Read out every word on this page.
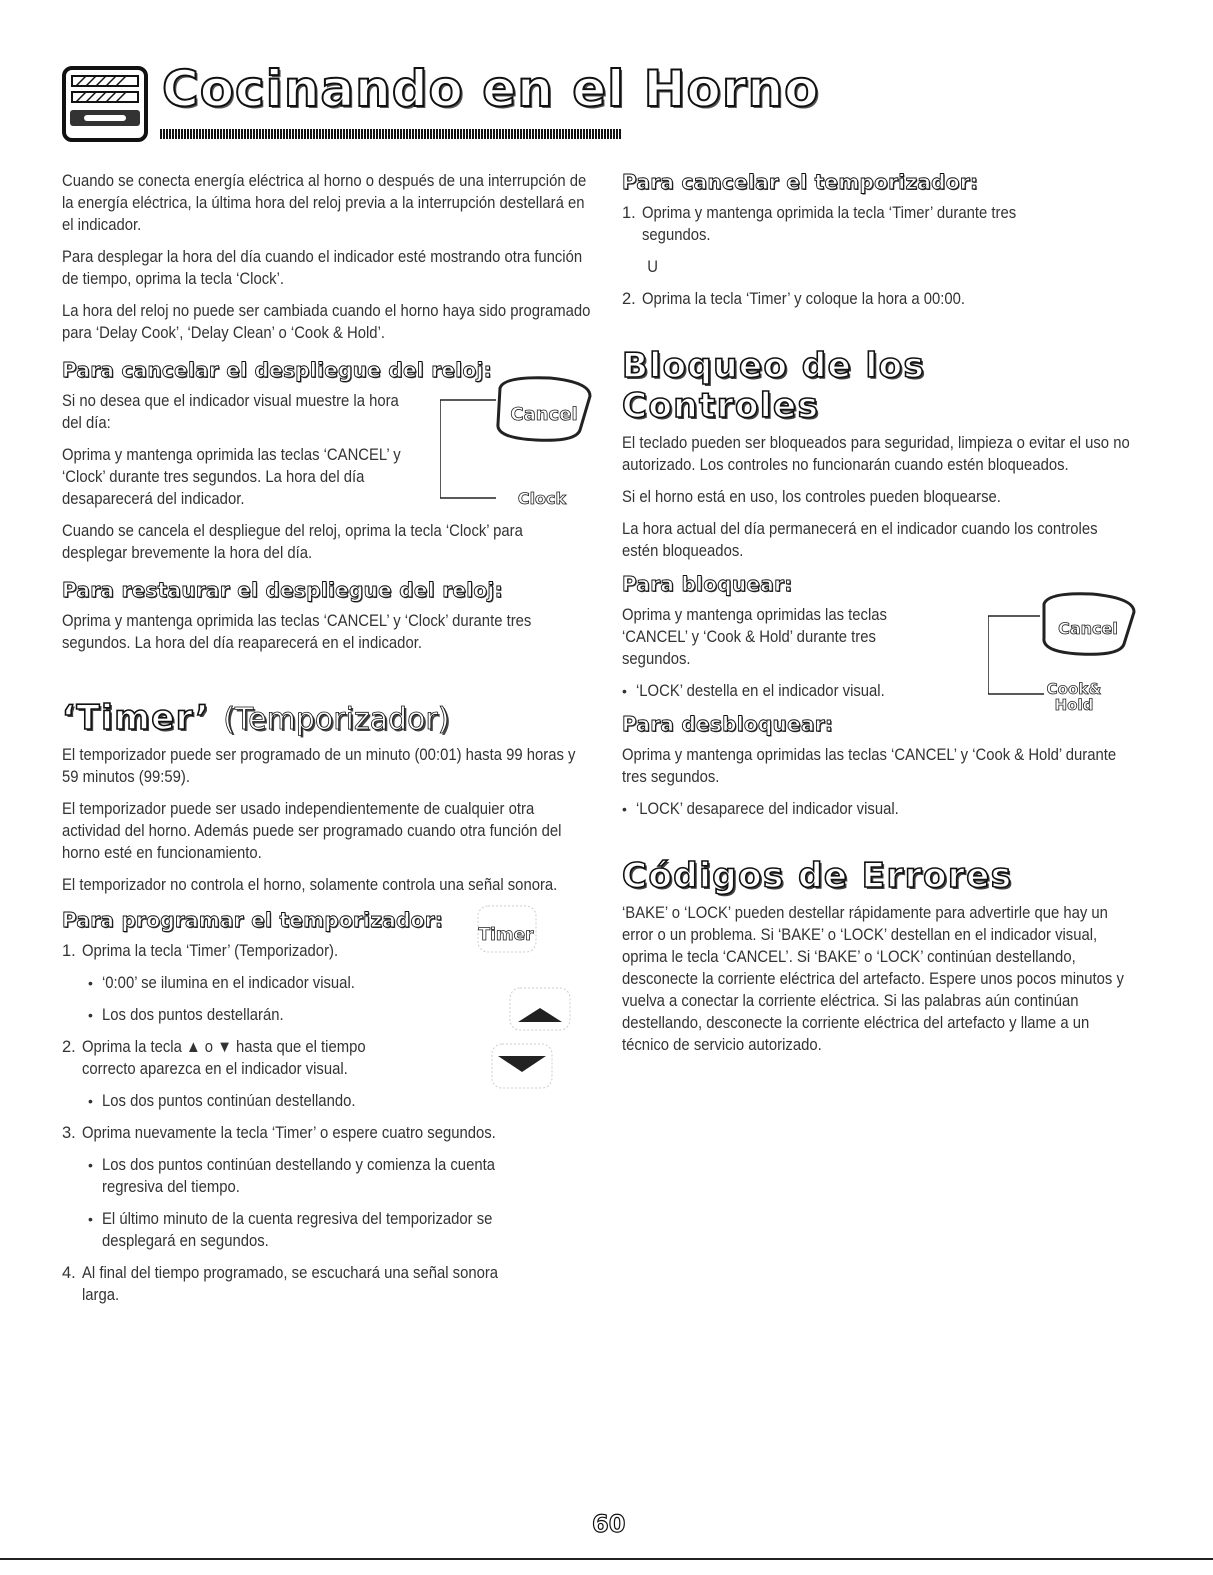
Cocinando en el Horno

Cuando se conecta energía eléctrica al horno o después de una interrupción de la energía eléctrica, la última hora del reloj previa a la interrupción destellará en el indicador.

Para desplegar la hora del día cuando el indicador esté mostrando otra función de tiempo, oprima la tecla ‘Clock’.

La hora del reloj no puede ser cambiada cuando el horno haya sido programado para ‘Delay Cook’, ‘Delay Clean’ o ‘Cook & Hold’.

Para cancelar el despliegue del reloj:

Si no desea que el indicador visual muestre la hora del día:

Oprima y mantenga oprimida las teclas ‘CANCEL’ y ‘Clock’ durante tres segundos. La hora del día desaparecerá del indicador.

Cancel
Clock

Cuando se cancela el despliegue del reloj, oprima la tecla ‘Clock’ para desplegar brevemente la hora del día.

Para restaurar el despliegue del reloj:

Oprima y mantenga oprimida las teclas ‘CANCEL’ y ‘Clock’ durante tres segundos. La hora del día reaparecerá en el indicador.

‘Timer’ (Temporizador)

El temporizador puede ser programado de un minuto (00:01) hasta 99 horas y 59 minutos (99:59).

El temporizador puede ser usado independientemente de cualquier otra actividad del horno. Además puede ser programado cuando otra función del horno esté en funcionamiento.

El temporizador no controla el horno, solamente controla una señal sonora.

Para programar el temporizador:
Timer
1. Oprima la tecla ‘Timer’ (Temporizador).

• ‘0:00’ se ilumina en el indicador visual.

• Los dos puntos destellarán.

2. Oprima la tecla ▲ o ▼ hasta que el tiempo correcto aparezca en el indicador visual.

• Los dos puntos continúan destellando.

3. Oprima nuevamente la tecla ‘Timer’ o espere cuatro segundos.

• Los dos puntos continúan destellando y comienza la cuenta regresiva del tiempo.

• El último minuto de la cuenta regresiva del temporizador se desplegará en segundos.

4. Al final del tiempo programado, se escuchará una señal sonora larga.

Para cancelar el temporizador:
1. Oprima y mantenga oprimida la tecla ‘Timer’ durante tres segundos.

U

2. Oprima la tecla ‘Timer’ y coloque la hora a 00:00.

Bloqueo de los Controles

El teclado pueden ser bloqueados para seguridad, limpieza o evitar el uso no autorizado. Los controles no funcionarán cuando estén bloqueados.

Si el horno está en uso, los controles pueden bloquearse.

La hora actual del día permanecerá en el indicador cuando los controles estén bloqueados.

Para bloquear:

Oprima y mantenga oprimidas las teclas ‘CANCEL’ y ‘Cook & Hold’ durante tres segundos.

• ‘LOCK’ destella en el indicador visual.

Cancel
Cook&
Hold
Para desbloquear:

Oprima y mantenga oprimidas las teclas ‘CANCEL’ y ‘Cook & Hold’ durante tres segundos.

• ‘LOCK’ desaparece del indicador visual.

Códigos de Errores

‘BAKE’ o ‘LOCK’ pueden destellar rápidamente para advertirle que hay un error o un problema. Si ‘BAKE’ o ‘LOCK’ destellan en el indicador visual, oprima le tecla ‘CANCEL’. Si ‘BAKE’ o ‘LOCK’ continúan destellando, desconecte la corriente eléctrica del artefacto. Espere unos pocos minutos y vuelva a conectar la corriente eléctrica. Si las palabras aún continúan destellando, desconecte la corriente eléctrica del artefacto y llame a un técnico de servicio autorizado.

60
